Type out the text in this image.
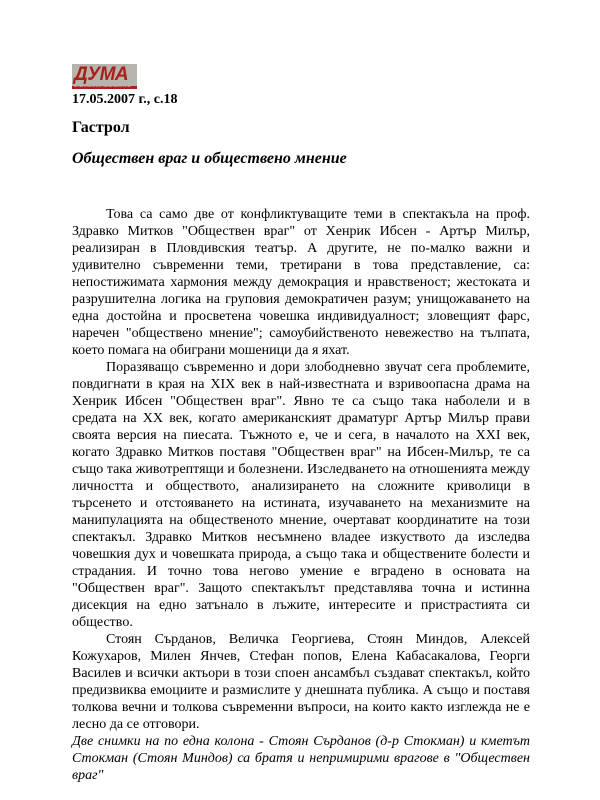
ДУМА
ВЕСТНИК НА БЪЛГАРСКАТА СОЦИАЛИСТИЧЕСКА ПАРТИЯ
17.05.2007 г., с.18
Гастрол
Обществен враг и обществено мнение

Това са само две от конфликтуващите теми в спектакъла на проф. Здравко Митков "Обществен враг" от Хенрик Ибсен - Артър Милър, реализиран в Пловдивския театър. А другите, не по-малко важни и удивително съвременни теми, третирани в това представление, са: непостижимата хармония между демокрация и нравственост; жестоката и разрушителна логика на груповия демократичен разум; унищожаването на една достойна и просветена човешка индивидуалност; зловещият фарс, наречен "обществено мнение"; самоубийственото невежество на тълпата, което помага на обиграни мошеници да я яхат.

Поразяващо съвременно и дори злободневно звучат сега проблемите, повдигнати в края на XIX век в най-известната и взривоопасна драма на Хенрик Ибсен "Обществен враг". Явно те са също така наболели и в средата на XX век, когато американският драматург Артър Милър прави своята версия на пиесата. Тъжното е, че и сега, в началото на XXI век, когато Здравко Митков поставя "Обществен враг" на Ибсен-Милър, те са също така животрептящи и болезнени. Изследването на отношенията между личността и обществото, анализирането на сложните криволици в търсенето и отстояването на истината, изучаването на механизмите на манипулацията на общественото мнение, очертават координатите на този спектакъл. Здравко Митков несъмнено владее изкуството да изследва човешкия дух и човешката природа, а също така и обществените болести и страдания. И точно това негово умение е вградено в основата на "Обществен враг". Защото спектакълът представлява точна и истинна дисекция на едно затънало в лъжите, интересите и пристрастията си общество.

Стоян Сърданов, Величка Георгиева, Стоян Миндов, Алексей Кожухаров, Милен Янчев, Стефан попов, Елена Кабасакалова, Георги Василев и всички актьори в този споен ансамбъл създават спектакъл, който предизвиква емоциите и размислите у днешната публика. А също и поставя толкова вечни и толкова съвременни въпроси, на които както изглежда не е лесно да се отговори.

Две снимки на по една колона - Стоян Сърданов (д-р Стокман) и кметът Стокман (Стоян Миндов) са братя и непримирими врагове в "Обществен враг"
